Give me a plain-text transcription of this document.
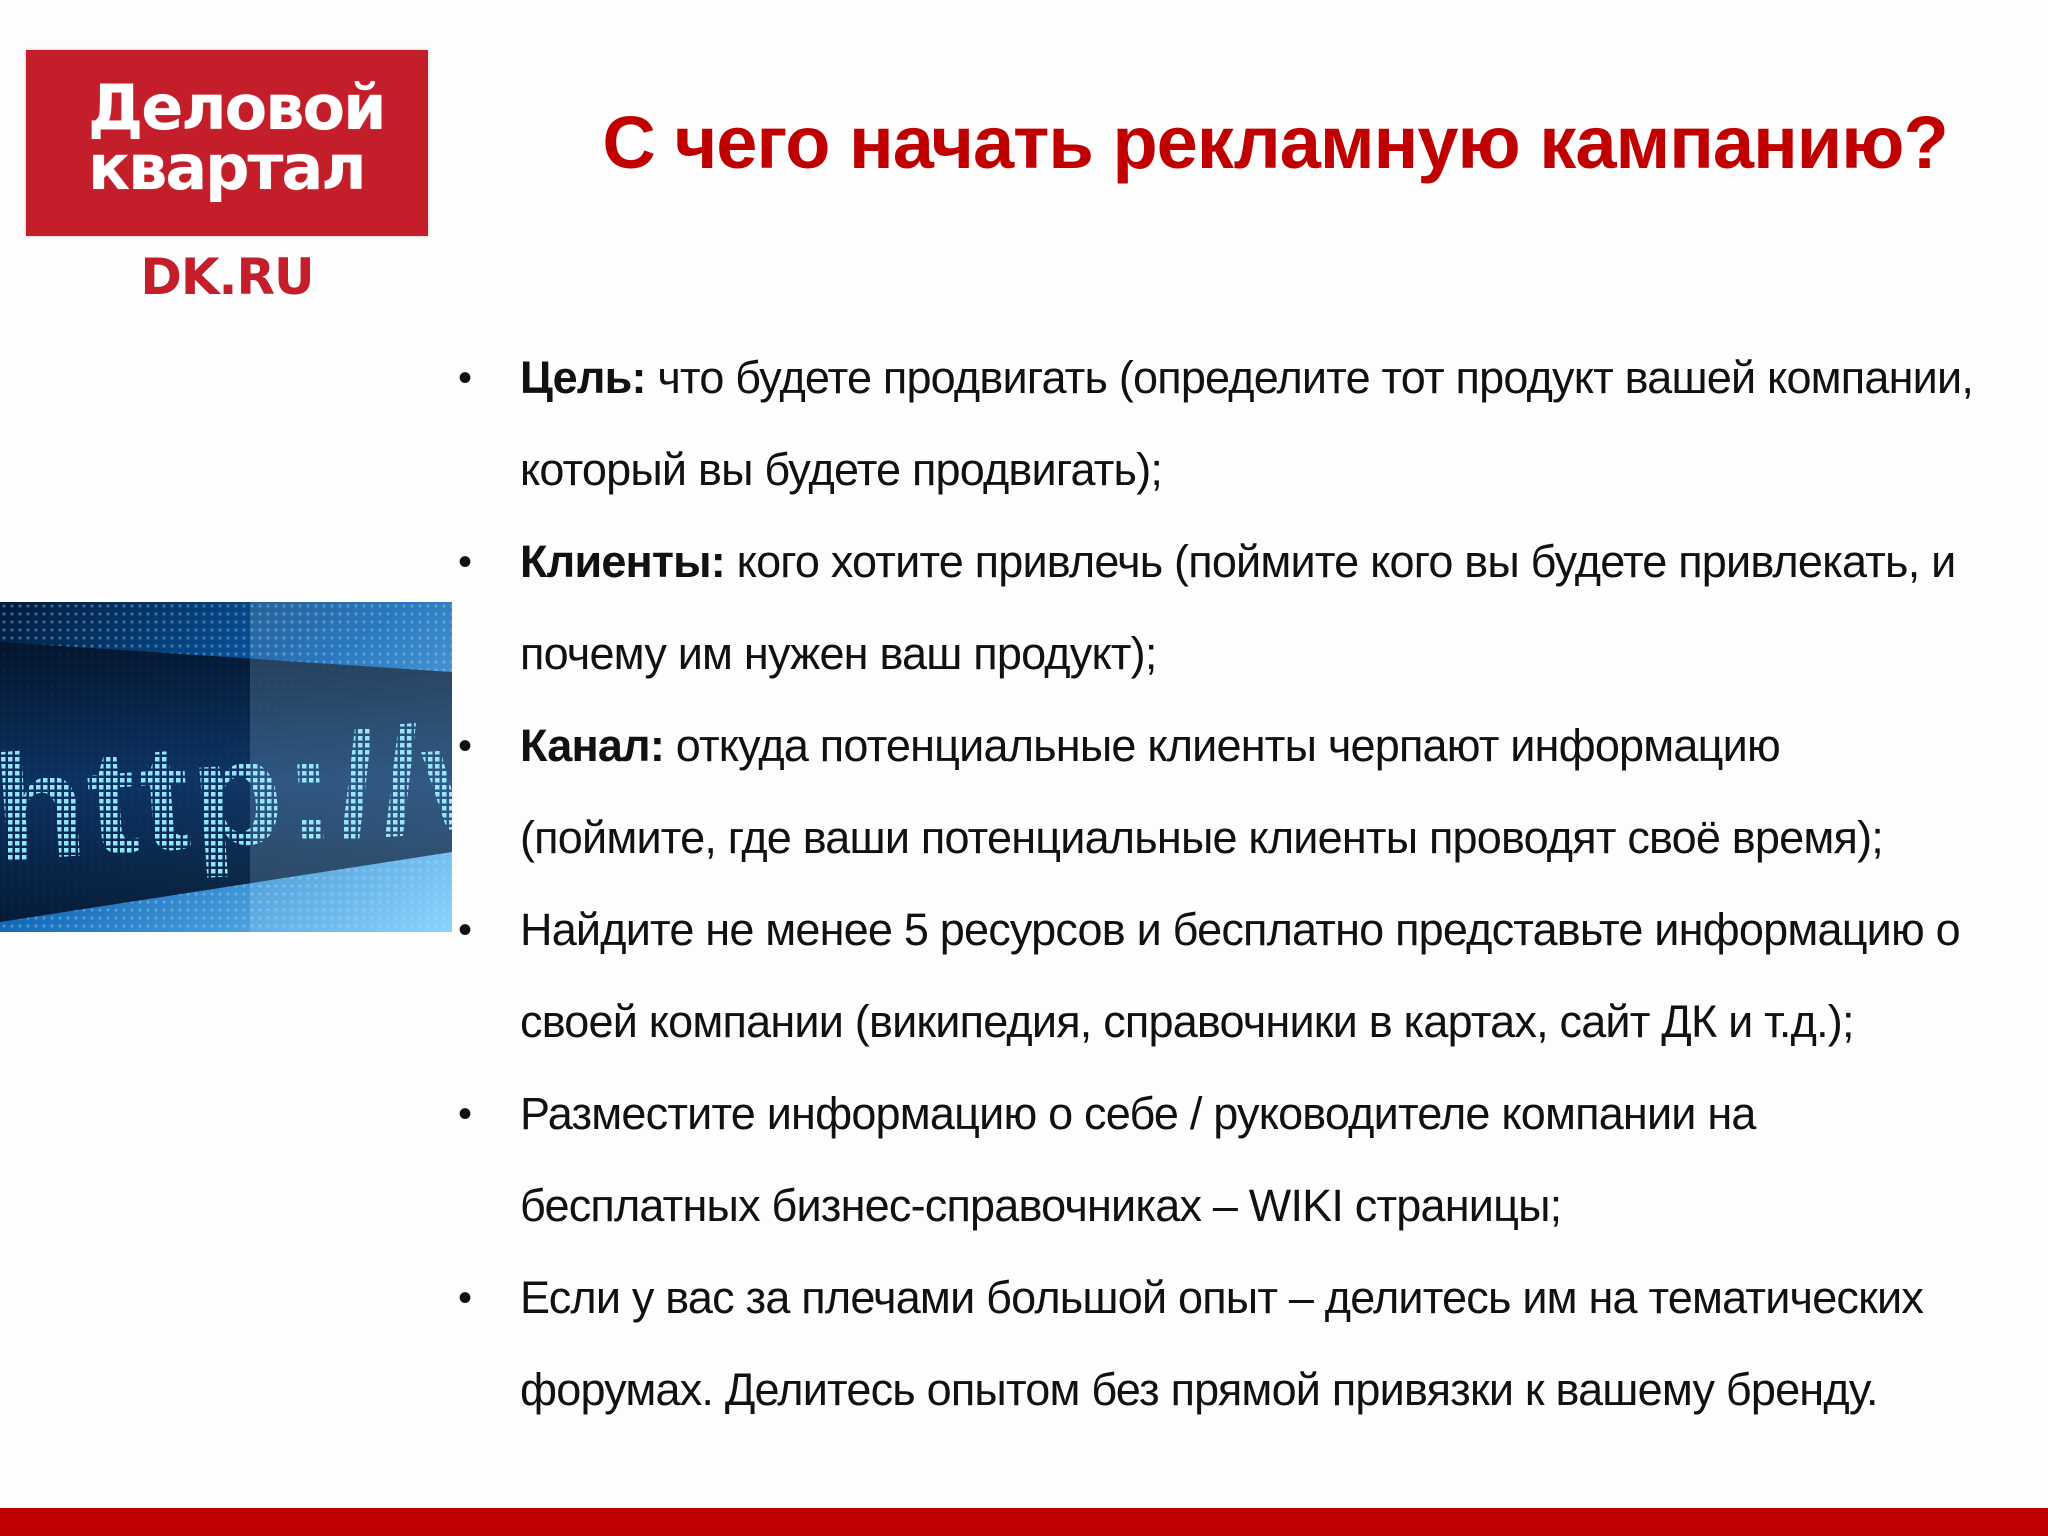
Деловой
квартал
DK.RU
С чего начать рекламную кампанию?
• Цель: что будете продвигать (определите тот продукт вашей компании, который вы будете продвигать);
• Клиенты: кого хотите привлечь (поймите кого вы будете привлекать, и почему им нужен ваш продукт);
• Канал: откуда потенциальные клиенты черпают информацию (поймите, где ваши потенциальные клиенты проводят своё время);
• Найдите не менее 5 ресурсов и бесплатно представьте информацию о своей компании (википедия, справочники в картах, сайт ДК и т.д.);
• Разместите информацию о себе / руководителе компании на бесплатных бизнес-справочниках – WIKI страницы;
• Если у вас за плечами большой опыт – делитесь им на тематических форумах. Делитесь опытом без прямой привязки к вашему бренду.
